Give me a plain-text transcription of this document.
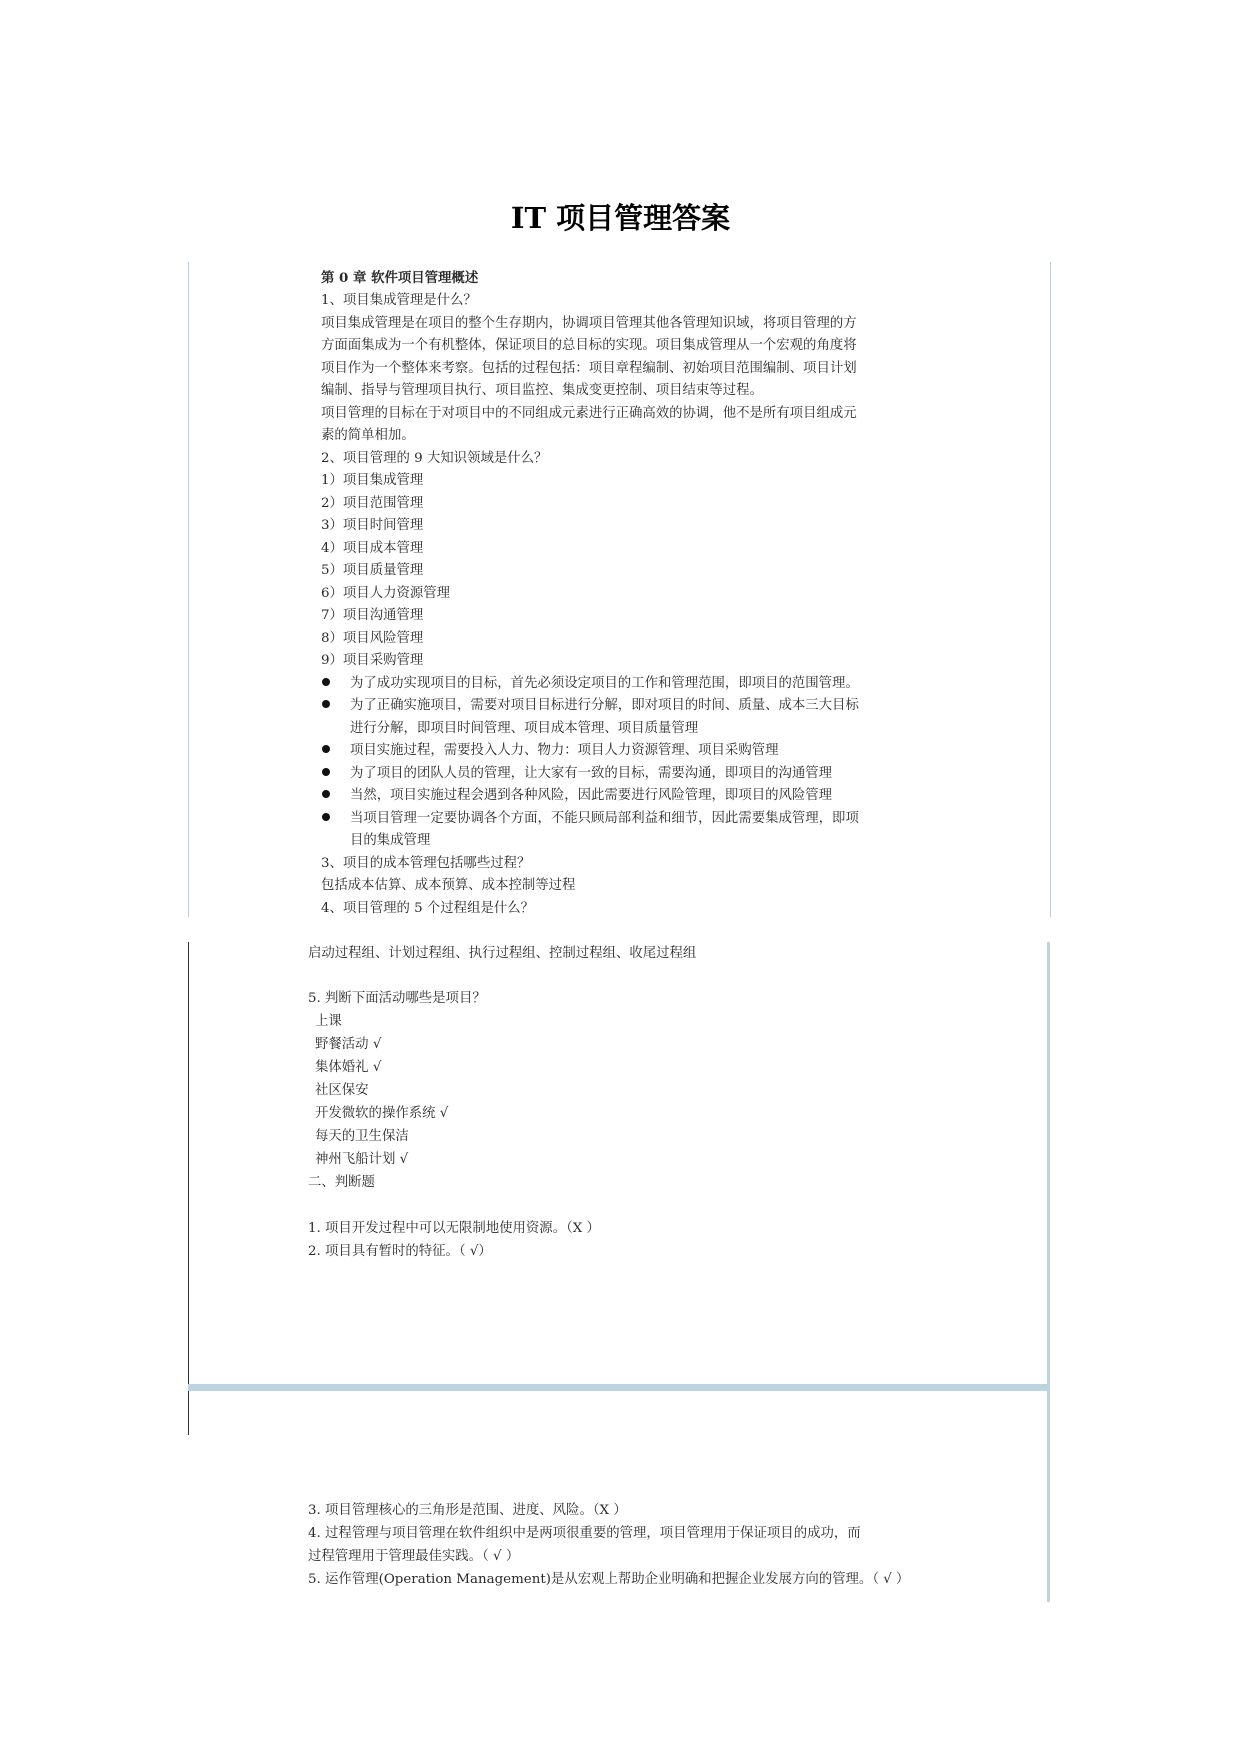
IT 项目管理答案
第 0 章 软件项目管理概述
1、项目集成管理是什么？
项目集成管理是在项目的整个生存期内，协调项目管理其他各管理知识域，将项目管理的方
方面面集成为一个有机整体，保证项目的总目标的实现。项目集成管理从一个宏观的角度将
项目作为一个整体来考察。包括的过程包括：项目章程编制、初始项目范围编制、项目计划
编制、指导与管理项目执行、项目监控、集成变更控制、项目结束等过程。
项目管理的目标在于对项目中的不同组成元素进行正确高效的协调，他不是所有项目组成元
素的简单相加。
2、项目管理的 9 大知识领域是什么？
1）项目集成管理
2）项目范围管理
3）项目时间管理
4）项目成本管理
5）项目质量管理
6）项目人力资源管理
7）项目沟通管理
8）项目风险管理
9）项目采购管理
为了成功实现项目的目标，首先必须设定项目的工作和管理范围，即项目的范围管理。
为了正确实施项目，需要对项目目标进行分解，即对项目的时间、质量、成本三大目标
进行分解，即项目时间管理、项目成本管理、项目质量管理
项目实施过程，需要投入人力、物力：项目人力资源管理、项目采购管理
为了项目的团队人员的管理，让大家有一致的目标，需要沟通，即项目的沟通管理
当然，项目实施过程会遇到各种风险，因此需要进行风险管理，即项目的风险管理
当项目管理一定要协调各个方面，不能只顾局部利益和细节，因此需要集成管理，即项
目的集成管理
3、项目的成本管理包括哪些过程？
包括成本估算、成本预算、成本控制等过程
4、项目管理的 5 个过程组是什么？
启动过程组、计划过程组、执行过程组、控制过程组、收尾过程组
5. 判断下面活动哪些是项目？
上课
野餐活动 √
集体婚礼 √
社区保安
开发微软的操作系统 √
每天的卫生保洁
神州飞船计划 √
二、判断题
1. 项目开发过程中可以无限制地使用资源。（X ）
2. 项目具有暂时的特征。（ √）
3. 项目管理核心的三角形是范围、进度、风险。（X ）
4. 过程管理与项目管理在软件组织中是两项很重要的管理，项目管理用于保证项目的成功，而
过程管理用于管理最佳实践。（ √ ）
5. 运作管理(Operation Management)是从宏观上帮助企业明确和把握企业发展方向的管理。（ √ ）
